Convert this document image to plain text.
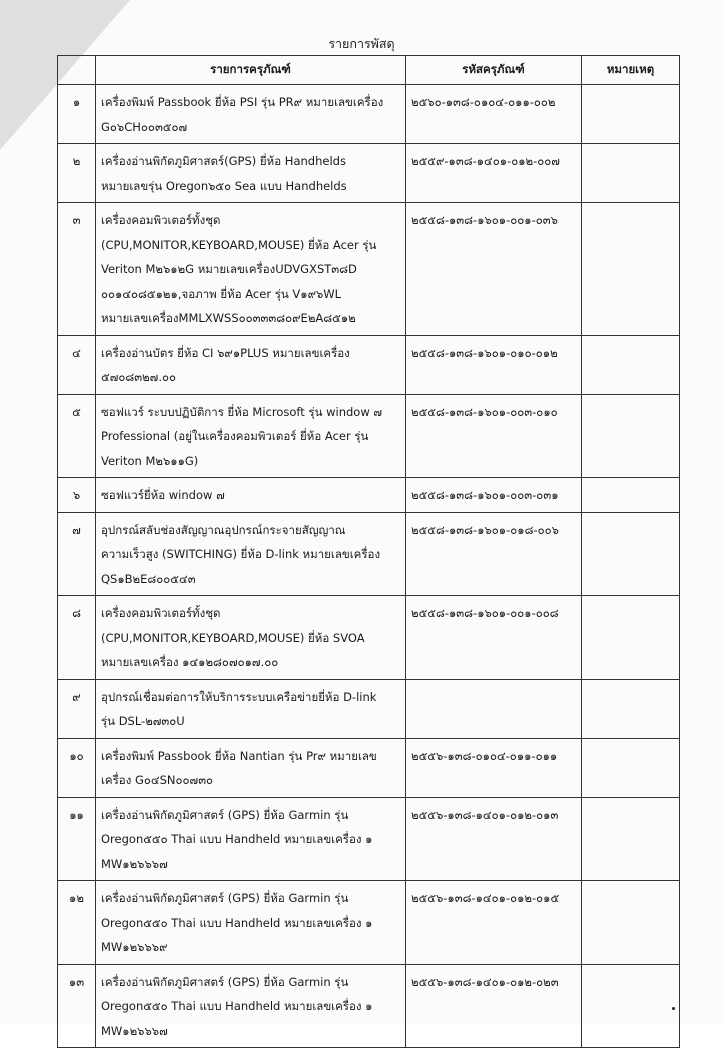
รายการพัสดุ
	รายการครุภัณฑ์	รหัสครุภัณฑ์	หมายเหตุ
๑	เครื่องพิมพ์ Passbook ยี่ห้อ PSI รุ่น PR๙ หมายเลขเครื่อง
G๐๖CH๐๐๓๕๐๗	๒๕๖๐-๑๓๘-๐๑๐๔-๐๑๑-๐๐๒	
๒	เครื่องอ่านพิกัดภูมิศาสตร์(GPS) ยี่ห้อ Handhelds
หมายเลขรุ่น Oregon๖๕๐ Sea แบบ Handhelds	๒๕๕๙-๑๓๘-๑๔๐๑-๐๑๒-๐๐๗	
๓	เครื่องคอมพิวเตอร์ทั้งชุด
(CPU,MONITOR,KEYBOARD,MOUSE) ยี่ห้อ Acer รุ่น
Veriton M๒๖๑๒G หมายเลขเครื่องUDVGXST๓๘D
๐๐๑๔๐๘๕๑๒๑,จอภาพ ยี่ห้อ Acer รุ่น V๑๙๖WL
หมายเลขเครื่องMMLXWSS๐๐๓๓๓๘๐๙E๒A๘๕๑๒	๒๕๕๘-๑๓๘-๑๖๐๑-๐๐๑-๐๓๖	
๔	เครื่องอ่านบัตร ยี่ห้อ CI ๖๙๑PLUS หมายเลขเครื่อง
๕๗๐๘๓๒๗.๐๐	๒๕๕๘-๑๓๘-๑๖๐๑-๐๑๐-๐๑๒	
๕	ซอฟแวร์ ระบบปฏิบัติการ ยี่ห้อ Microsoft รุ่น window ๗
Professional (อยู่ในเครื่องคอมพิวเตอร์ ยี่ห้อ Acer รุ่น
Veriton M๒๖๑๑G)	๒๕๕๘-๑๓๘-๑๖๐๑-๐๐๓-๐๑๐	
๖	ซอฟแวร์ยี่ห้อ window ๗	๒๕๕๘-๑๓๘-๑๖๐๑-๐๐๓-๐๓๑	
๗	อุปกรณ์สลับช่องสัญญาณอุปกรณ์กระจายสัญญาณ
ความเร็วสูง (SWITCHING) ยี่ห้อ D-link หมายเลขเครื่อง
QS๑B๒E๘๐๐๕๔๓	๒๕๕๘-๑๓๘-๑๖๐๑-๐๑๘-๐๐๖	
๘	เครื่องคอมพิวเตอร์ทั้งชุด
(CPU,MONITOR,KEYBOARD,MOUSE) ยี่ห้อ SVOA
หมายเลขเครื่อง ๑๔๑๒๘๐๗๐๑๗.๐๐	๒๕๕๘-๑๓๘-๑๖๐๑-๐๐๑-๐๐๘	
๙	อุปกรณ์เชื่อมต่อการให้บริการระบบเครือข่ายยี่ห้อ D-link
รุ่น DSL-๒๗๓๐U		
๑๐	เครื่องพิมพ์ Passbook ยี่ห้อ Nantian รุ่น Pr๙ หมายเลข
เครื่อง G๐๔SN๐๐๗๓๐	๒๕๕๖-๑๓๘-๐๑๐๔-๐๑๑-๐๑๑	
๑๑	เครื่องอ่านพิกัดภูมิศาสตร์ (GPS) ยี่ห้อ Garmin รุ่น
Oregon๕๕๐ Thai แบบ Handheld หมายเลขเครื่อง ๑
MW๑๒๖๖๖๗	๒๕๕๖-๑๓๘-๑๔๐๑-๐๑๒-๐๑๓	
๑๒	เครื่องอ่านพิกัดภูมิศาสตร์ (GPS) ยี่ห้อ Garmin รุ่น
Oregon๕๕๐ Thai แบบ Handheld หมายเลขเครื่อง ๑
MW๑๒๖๖๖๙	๒๕๕๖-๑๓๘-๑๔๐๑-๐๑๒-๐๑๕	
๑๓	เครื่องอ่านพิกัดภูมิศาสตร์ (GPS) ยี่ห้อ Garmin รุ่น
Oregon๕๕๐ Thai แบบ Handheld หมายเลขเครื่อง ๑
MW๑๒๖๖๖๗	๒๕๕๖-๑๓๘-๑๔๐๑-๐๑๒-๐๒๓	
